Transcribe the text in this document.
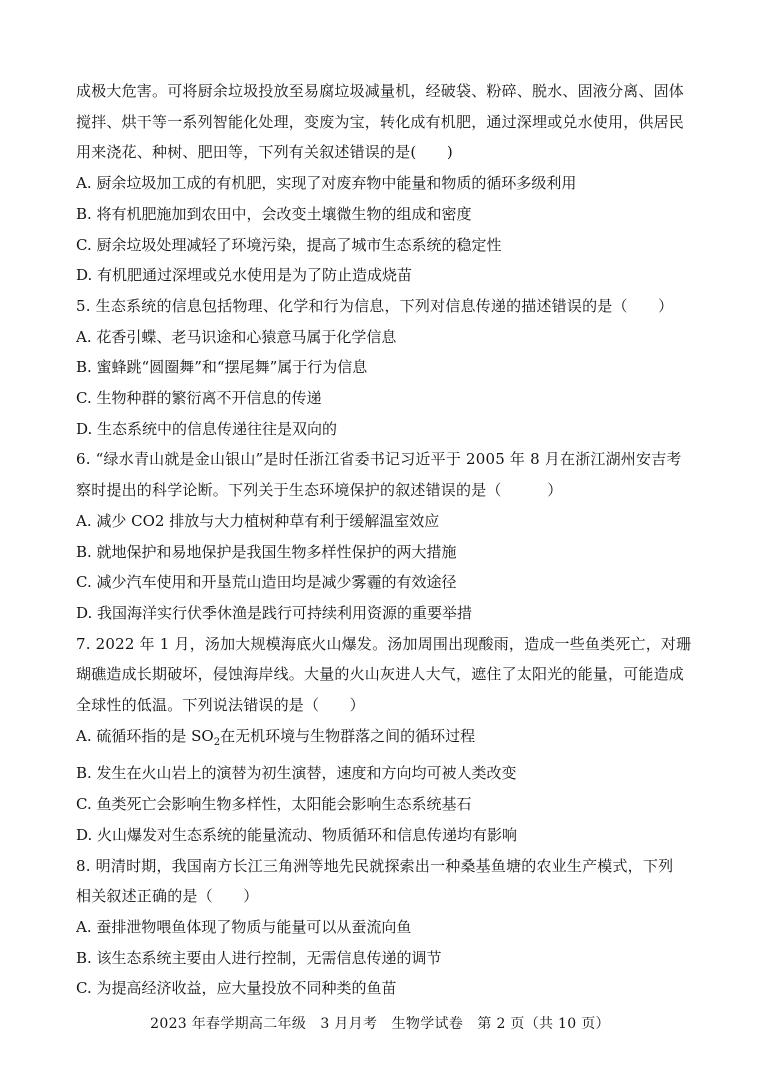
成极大危害。可将厨余垃圾投放至易腐垃圾减量机，经破袋、粉碎、脱水、固液分离、固体
搅拌、烘干等一系列智能化处理，变废为宝，转化成有机肥，通过深埋或兑水使用，供居民
用来浇花、种树、肥田等，下列有关叙述错误的是(　　)
A. 厨余垃圾加工成的有机肥，实现了对废弃物中能量和物质的循环多级利用
B. 将有机肥施加到农田中，会改变土壤微生物的组成和密度
C. 厨余垃圾处理减轻了环境污染，提高了城市生态系统的稳定性
D. 有机肥通过深埋或兑水使用是为了防止造成烧苗
5. 生态系统的信息包括物理、化学和行为信息，下列对信息传递的描述错误的是（　　）
A. 花香引蝶、老马识途和心猿意马属于化学信息
B. 蜜蜂跳“圆圈舞”和“摆尾舞”属于行为信息
C. 生物种群的繁衍离不开信息的传递
D. 生态系统中的信息传递往往是双向的
6. “绿水青山就是金山银山”是时任浙江省委书记习近平于 2005 年 8 月在浙江湖州安吉考
察时提出的科学论断。下列关于生态环境保护的叙述错误的是（　　　）
A. 减少 CO2 排放与大力植树种草有利于缓解温室效应
B. 就地保护和易地保护是我国生物多样性保护的两大措施
C. 减少汽车使用和开垦荒山造田均是减少雾霾的有效途径
D. 我国海洋实行伏季休渔是践行可持续利用资源的重要举措
7. 2022 年 1 月，汤加大规模海底火山爆发。汤加周围出现酸雨，造成一些鱼类死亡，对珊
瑚礁造成长期破坏，侵蚀海岸线。大量的火山灰进人大气，遮住了太阳光的能量，可能造成
全球性的低温。下列说法错误的是（　　）
A. 硫循环指的是 $SO_2$在无机环境与生物群落之间的循环过程
B. 发生在火山岩上的演替为初生演替，速度和方向均可被人类改变
C. 鱼类死亡会影响生物多样性，太阳能会影响生态系统基石
D. 火山爆发对生态系统的能量流动、物质循环和信息传递均有影响
8. 明清时期，我国南方长江三角洲等地先民就探索出一种桑基鱼塘的农业生产模式，下列
相关叙述正确的是（　　）
A. 蚕排泄物喂鱼体现了物质与能量可以从蚕流向鱼
B. 该生态系统主要由人进行控制，无需信息传递的调节
C. 为提高经济收益，应大量投放不同种类的鱼苗
2023 年春学期高二年级　3 月月考　生物学试卷　第 2 页（共 10 页）
